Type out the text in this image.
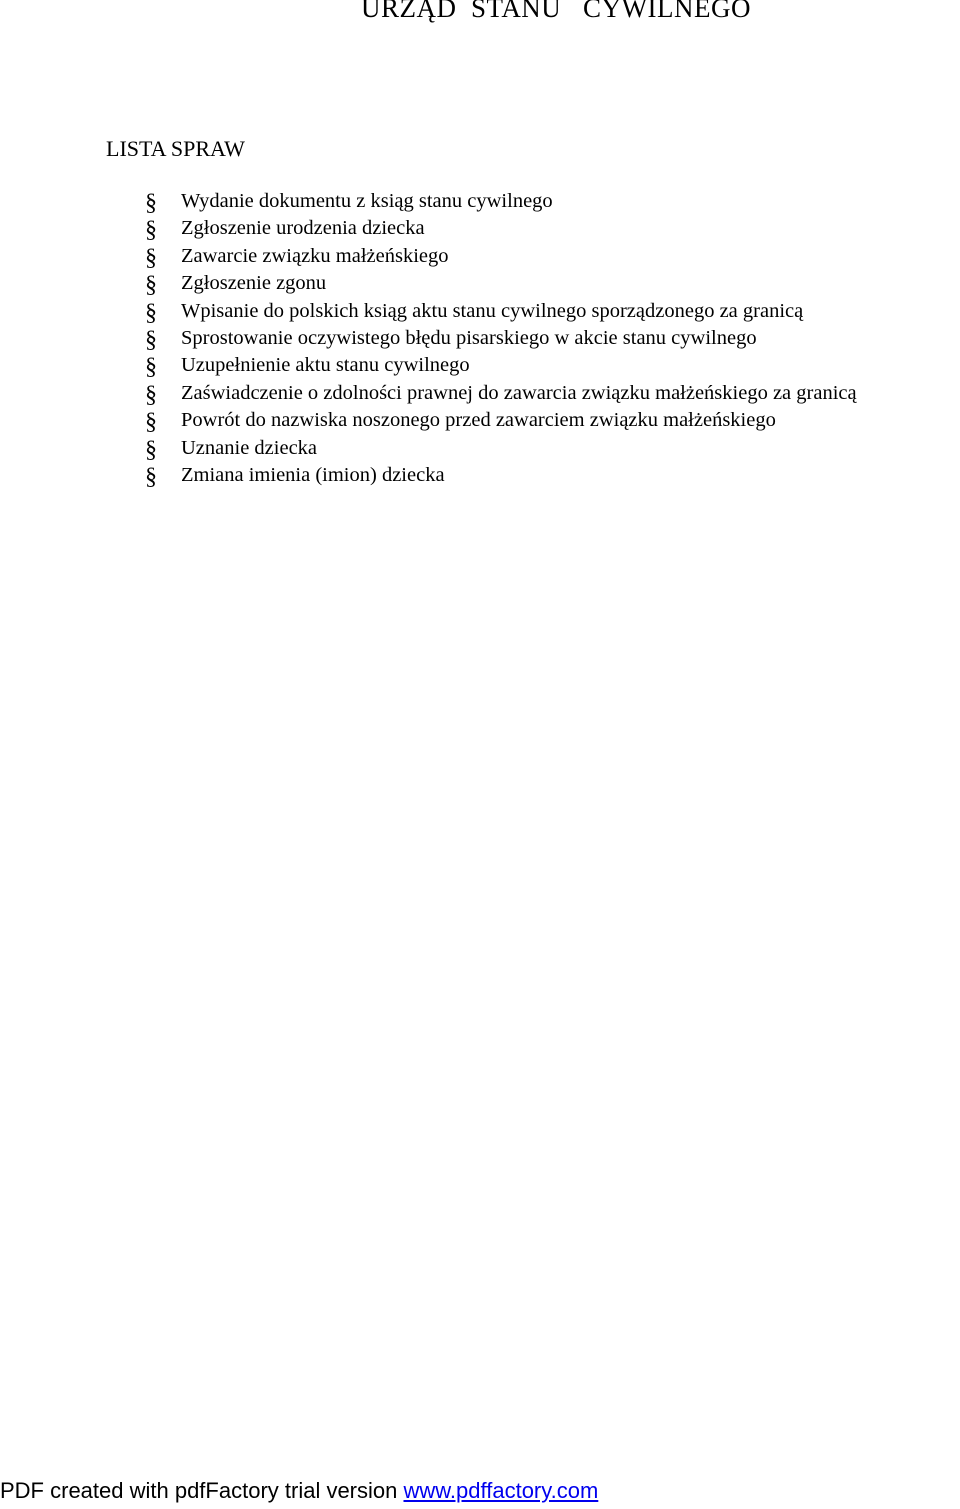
URZĄD  STANU   CYWILNEGO
LISTA SPRAW
§ Wydanie dokumentu z ksiąg stanu cywilnego
§ Zgłoszenie urodzenia dziecka
§ Zawarcie związku małżeńskiego
§ Zgłoszenie zgonu
§ Wpisanie do polskich ksiąg aktu stanu cywilnego sporządzonego za granicą
§ Sprostowanie oczywistego błędu pisarskiego w akcie stanu cywilnego
§ Uzupełnienie aktu stanu cywilnego
§ Zaświadczenie o zdolności prawnej do zawarcia związku małżeńskiego za granicą
§ Powrót do nazwiska noszonego przed zawarciem związku małżeńskiego
§ Uznanie dziecka
§ Zmiana imienia (imion) dziecka
PDF created with pdfFactory trial version www.pdffactory.com
